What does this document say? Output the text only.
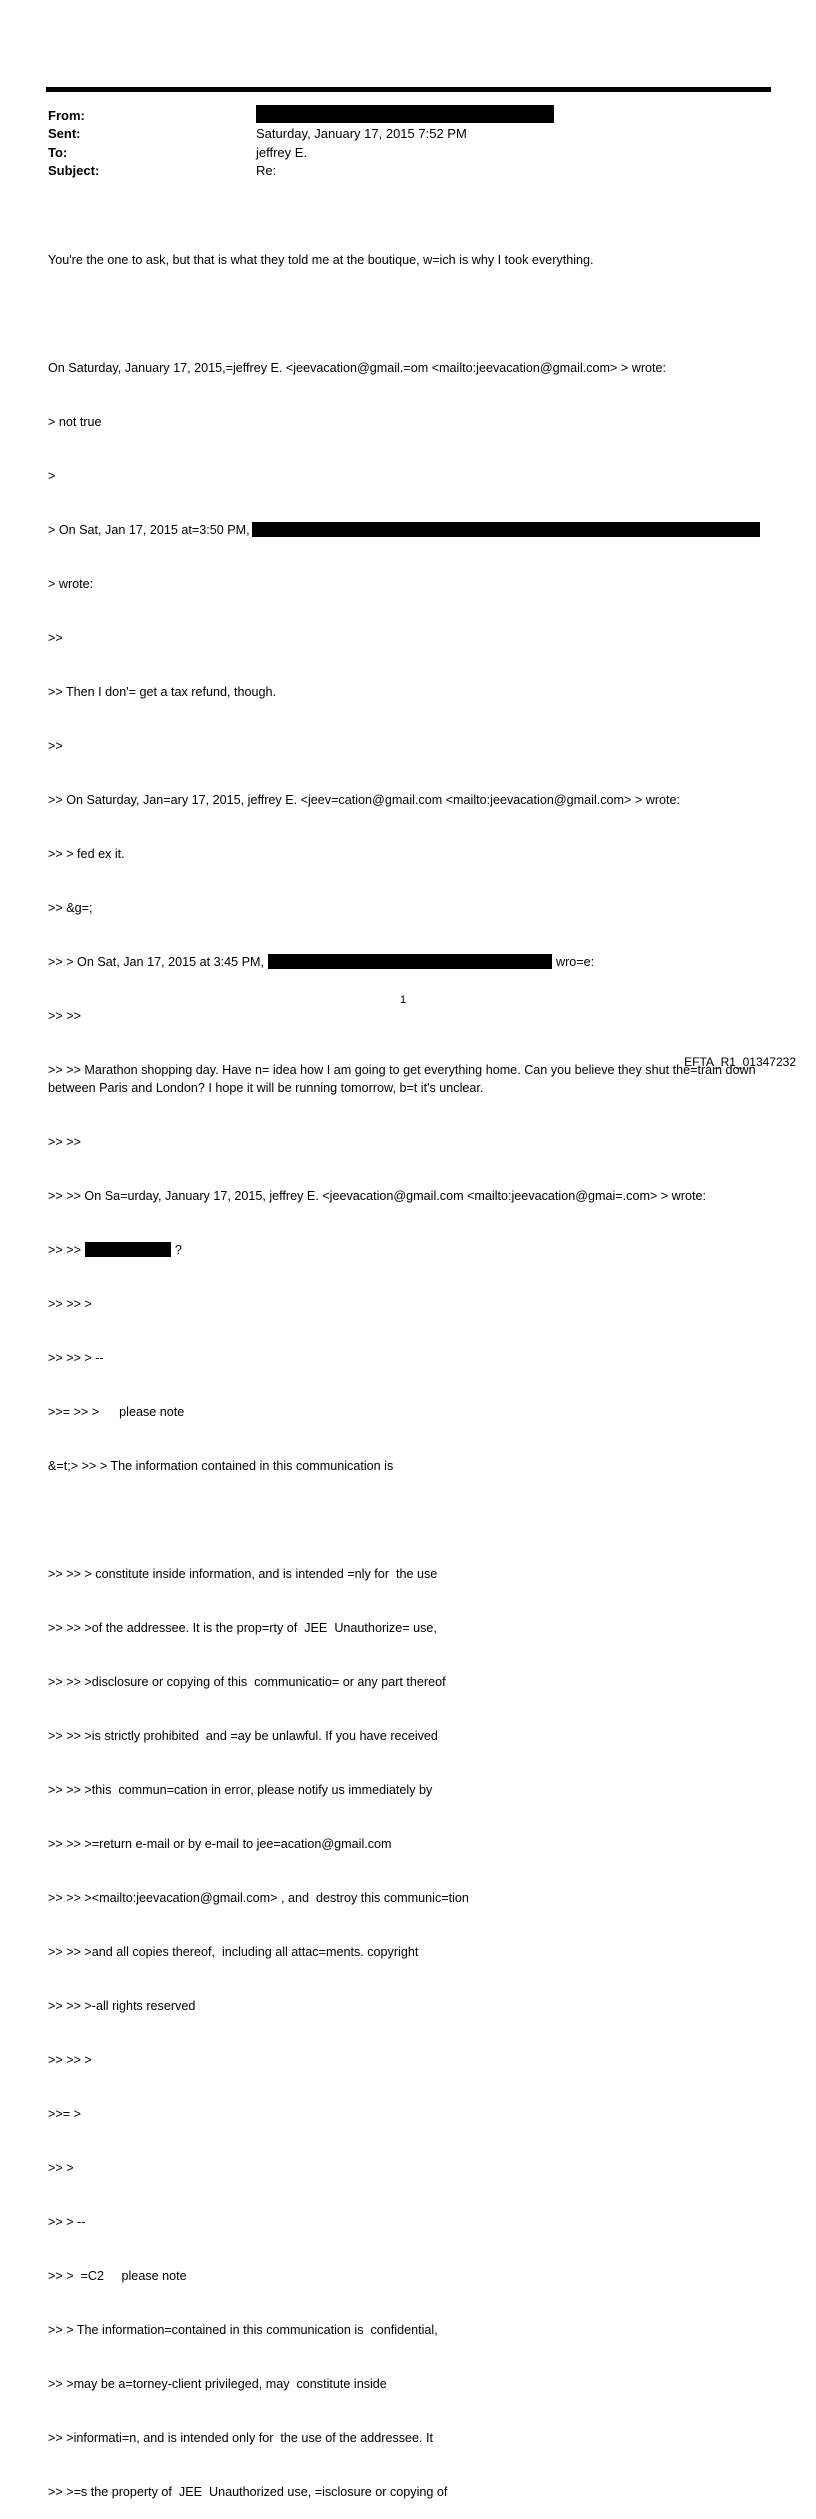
From:
Sent:	Saturday, January 17, 2015 7:52 PM
To:	jeffrey E.
Subject:	Re:

You're the one to ask, but that is what they told me at the boutique, w=ich is why I took everything.

On Saturday, January 17, 2015,=jeffrey E. <jeevacation@gmail.=om <mailto:jeevacation@gmail.com> > wrote:

> not true

>

> On Sat, Jan 17, 2015 at=3:50 PM,

> wrote:

>>

>> Then I don'= get a tax refund, though.

>>

>> On Saturday, Jan=ary 17, 2015, jeffrey E. <jeev=cation@gmail.com <mailto:jeevacation@gmail.com> > wrote:

>> > fed ex it.

>> &g=;

>> > On Sat, Jan 17, 2015 at 3:45 PM,	wro=e:

>> >>

>> >> Marathon shopping day. Have n= idea how I am going to get everything home. Can you believe they shut the=train down between Paris and London? I hope it will be running tomorrow, b=t it's unclear.

>> >>

>> >> On Sa=urday, January 17, 2015, jeffrey E. <jeevacation@gmail.com <mailto:jeevacation@gmai=.com> > wrote:

>> >>	?

>> >> >

>> >> > --

>>= >> > please note

&=t;> >> > The information contained in this communication is

>> >> > constitute inside information, and is intended =nly for  the use

>> >> >of the addressee. It is the prop=rty of  JEE  Unauthorize= use,

>> >> >disclosure or copying of this  communicatio= or any part thereof

>> >> >is strictly prohibited  and =ay be unlawful. If you have received

>> >> >this  commun=cation in error, please notify us immediately by

>> >> >=return e-mail or by e-mail to jee=acation@gmail.com

>> >> ><mailto:jeevacation@gmail.com> , and  destroy this communic=tion

>> >> >and all copies thereof,  including all attac=ments. copyright

>> >> >-all rights reserved

>> >> >

>>= >

>> >

>> > --

>> >  =C2     please note

>> > The information=contained in this communication is  confidential,

>> >may be a=torney-client privileged, may  constitute inside

>> >informati=n, and is intended only for  the use of the addressee. It

>> >=s the property of  JEE  Unauthorized use, =isclosure or copying of

1
EFTA_R1_01347232
